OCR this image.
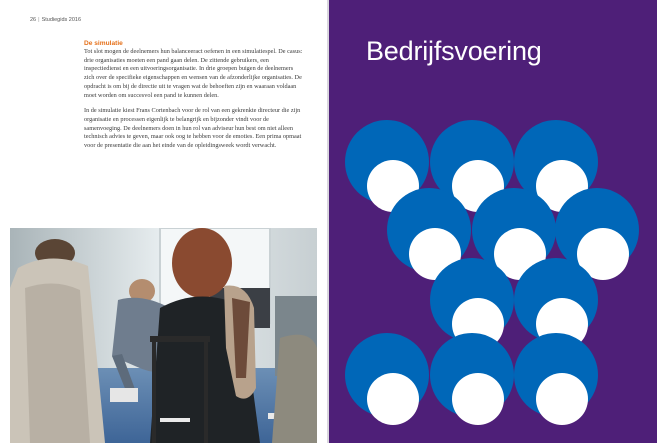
26 | Studiegids 2016
De simulatie

Tot slot mogen de deelnemers hun balanceeract oefenen in een simulatiespel. De casus: drie organisaties moeten een pand gaan delen. De zittende gebruikers, een inspectiedienst en een uitvoeringsorganisatie. In drie groepen buigen de deelnemers zich over de specifieke eigenschappen en wensen van de afzonderlijke organisaties. De opdracht is om bij de directie uit te vragen wat de behoeften zijn en waaraan voldaan moet worden om succesvol een pand te kunnen delen.

In de simulatie kiest Frans Cortenbach voor de rol van een gekrenkte directeur die zijn organisatie en processen eigenlijk te belangrijk en bijzonder vindt voor de samenvoeging. De deelnemers doen in hun rol van adviseur hun best om niet alleen technisch advies te geven, maar ook oog te hebben voor de emoties. Een prima opmaat voor de presentatie die aan het einde van de opleidingsweek wordt verwacht.

Bedrijfsvoering
